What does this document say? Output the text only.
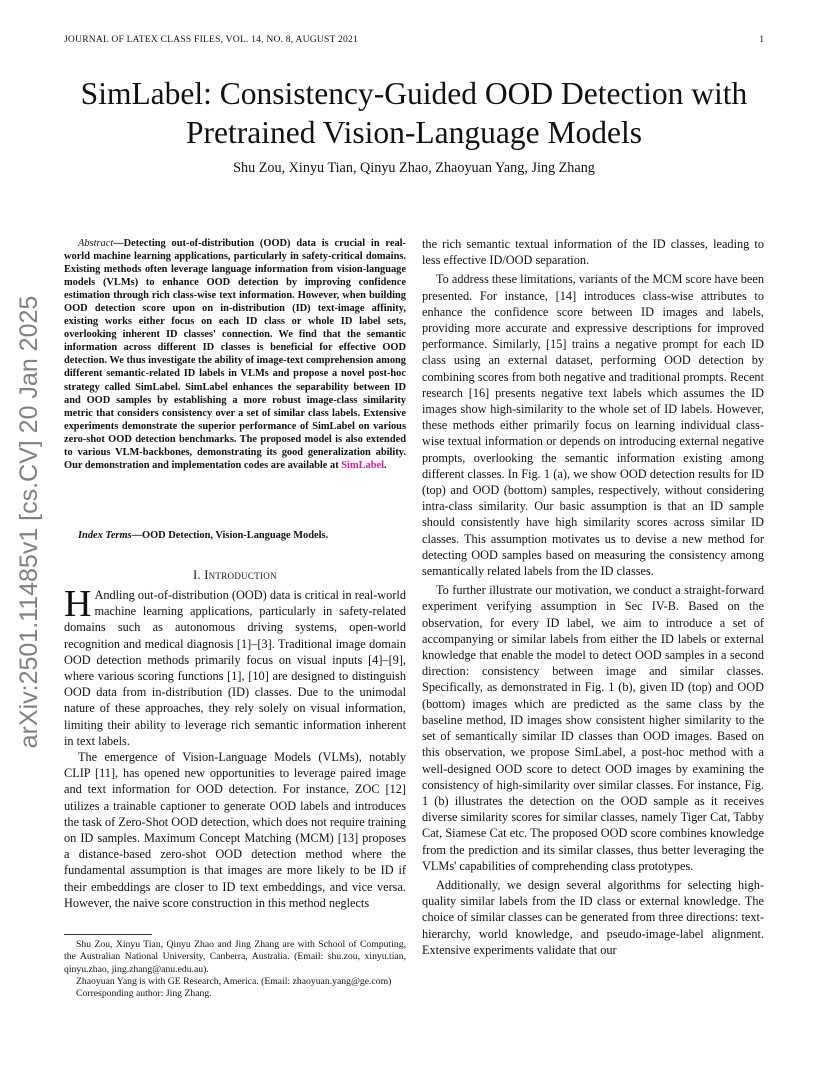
JOURNAL OF LATEX CLASS FILES, VOL. 14, NO. 8, AUGUST 2021	1
SimLabel: Consistency-Guided OOD Detection with Pretrained Vision-Language Models
Shu Zou, Xinyu Tian, Qinyu Zhao, Zhaoyuan Yang, Jing Zhang
arXiv:2501.11485v1 [cs.CV] 20 Jan 2025
Abstract—Detecting out-of-distribution (OOD) data is crucial in real-world machine learning applications, particularly in safety-critical domains. Existing methods often leverage language information from vision-language models (VLMs) to enhance OOD detection by improving confidence estimation through rich class-wise text information. However, when building OOD detection score upon on in-distribution (ID) text-image affinity, existing works either focus on each ID class or whole ID label sets, overlooking inherent ID classes' connection. We find that the semantic information across different ID classes is beneficial for effective OOD detection. We thus investigate the ability of image-text comprehension among different semantic-related ID labels in VLMs and propose a novel post-hoc strategy called SimLabel. SimLabel enhances the separability between ID and OOD samples by establishing a more robust image-class similarity metric that considers consistency over a set of similar class labels. Extensive experiments demonstrate the superior performance of SimLabel on various zero-shot OOD detection benchmarks. The proposed model is also extended to various VLM-backbones, demonstrating its good generalization ability. Our demonstration and implementation codes are available at SimLabel.
Index Terms—OOD Detection, Vision-Language Models.
I. Introduction
H Andling out-of-distribution (OOD) data is critical in real-world machine learning applications, particularly in safety-related domains such as autonomous driving systems, open-world recognition and medical diagnosis [1]–[3]. Traditional image domain OOD detection methods primarily focus on visual inputs [4]–[9], where various scoring functions [1], [10] are designed to distinguish OOD data from in-distribution (ID) classes. Due to the unimodal nature of these approaches, they rely solely on visual information, limiting their ability to leverage rich semantic information inherent in text labels.
The emergence of Vision-Language Models (VLMs), notably CLIP [11], has opened new opportunities to leverage paired image and text information for OOD detection. For instance, ZOC [12] utilizes a trainable captioner to generate OOD labels and introduces the task of Zero-Shot OOD detection, which does not require training on ID samples. Maximum Concept Matching (MCM) [13] proposes a distance-based zero-shot OOD detection method where the fundamental assumption is that images are more likely to be ID if their embeddings are closer to ID text embeddings, and vice versa. However, the naive score construction in this method neglects

Shu Zou, Xinyu Tian, Qinyu Zhao and Jing Zhang are with School of Computing, the Australian National University, Canberra, Australia. (Email: shu.zou, xinyu.tian, qinyu.zhao, jing.zhang@anu.edu.au).

Zhaoyuan Yang is with GE Research, America. (Email: zhaoyuan.yang@ge.com)

Corresponding author: Jing Zhang.

the rich semantic textual information of the ID classes, leading to less effective ID/OOD separation.

To address these limitations, variants of the MCM score have been presented. For instance, [14] introduces class-wise attributes to enhance the confidence score between ID images and labels, providing more accurate and expressive descriptions for improved performance. Similarly, [15] trains a negative prompt for each ID class using an external dataset, performing OOD detection by combining scores from both negative and traditional prompts. Recent research [16] presents negative text labels which assumes the ID images show high-similarity to the whole set of ID labels. However, these methods either primarily focus on learning individual class-wise textual information or depends on introducing external negative prompts, overlooking the semantic information existing among different classes. In Fig. 1 (a), we show OOD detection results for ID (top) and OOD (bottom) samples, respectively, without considering intra-class similarity. Our basic assumption is that an ID sample should consistently have high similarity scores across similar ID classes. This assumption motivates us to devise a new method for detecting OOD samples based on measuring the consistency among semantically related labels from the ID classes.

To further illustrate our motivation, we conduct a straight-forward experiment verifying assumption in Sec IV-B. Based on the observation, for every ID label, we aim to introduce a set of accompanying or similar labels from either the ID labels or external knowledge that enable the model to detect OOD samples in a second direction: consistency between image and similar classes. Specifically, as demonstrated in Fig. 1 (b), given ID (top) and OOD (bottom) images which are predicted as the same class by the baseline method, ID images show consistent higher similarity to the set of semantically similar ID classes than OOD images. Based on this observation, we propose SimLabel, a post-hoc method with a well-designed OOD score to detect OOD images by examining the consistency of high-similarity over similar classes. For instance, Fig. 1 (b) illustrates the detection on the OOD sample as it receives diverse similarity scores for similar classes, namely Tiger Cat, Tabby Cat, Siamese Cat etc. The proposed OOD score combines knowledge from the prediction and its similar classes, thus better leveraging the VLMs' capabilities of comprehending class prototypes.

Additionally, we design several algorithms for selecting high-quality similar labels from the ID class or external knowledge. The choice of similar classes can be generated from three directions: text-hierarchy, world knowledge, and pseudo-image-label alignment. Extensive experiments validate that our
